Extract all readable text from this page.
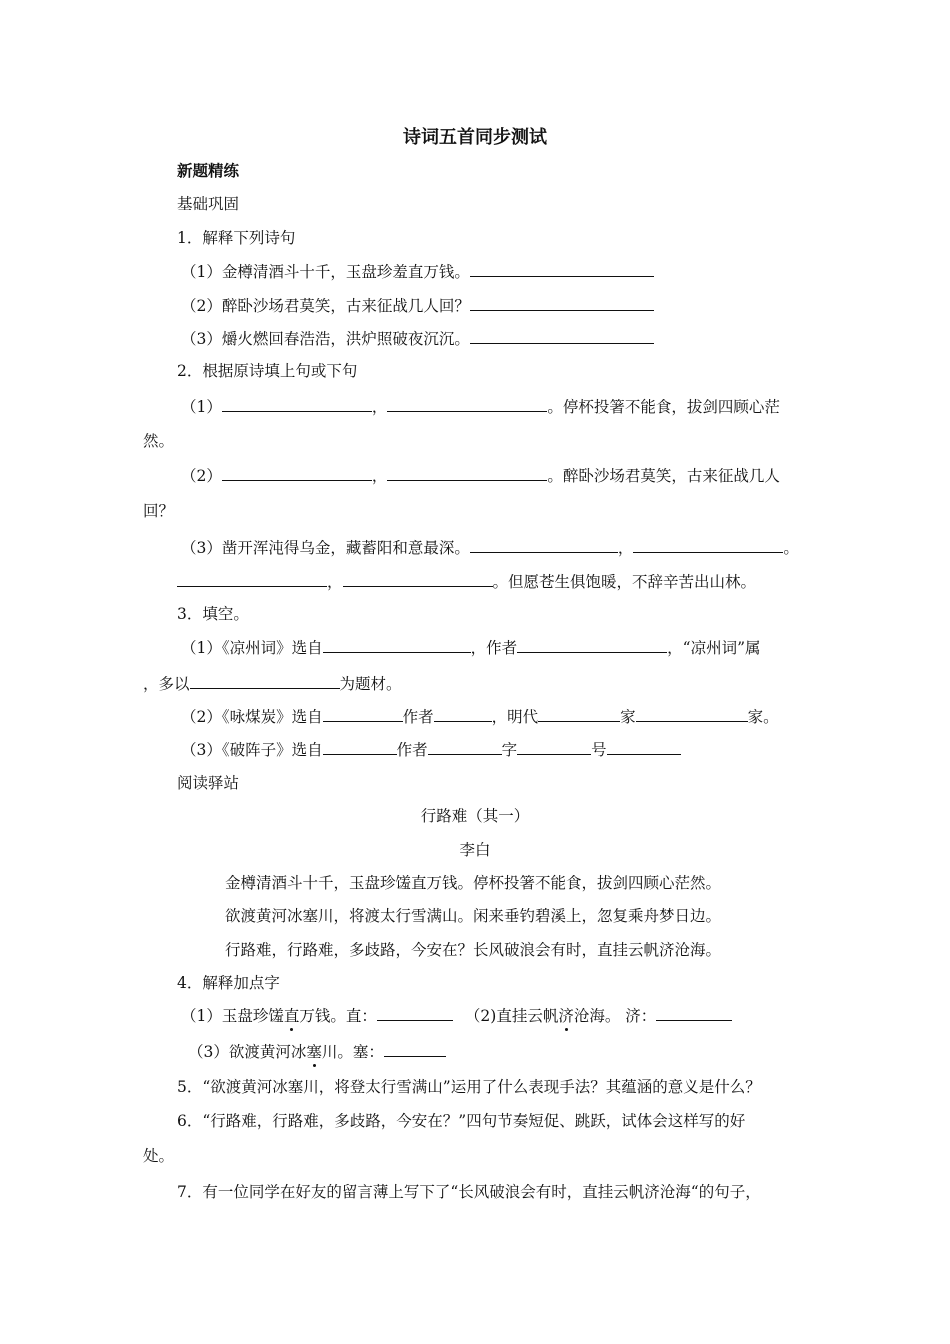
诗词五首同步测试
新题精练
基础巩固
1．解释下列诗句
（1）金樽清酒斗十千，玉盘珍羞直万钱。
（2）醉卧沙场君莫笑，古来征战几人回？
（3）爝火燃回春浩浩，洪炉照破夜沉沉。
2．根据原诗填上句或下句
（1）	，	。停杯投箸不能食，拔剑四顾心茫
然。
（2）	，	。醉卧沙场君莫笑，古来征战几人
回？
（3）凿开浑沌得乌金，藏蓄阳和意最深。	，	。
，	。但愿苍生俱饱暖，不辞辛苦出山林。
3．填空。
（1）《凉州词》选自	，作者	，“凉州词”属
，多以	为题材。
（2）《咏煤炭》选自	作者	，明代	家	家。
（3）《破阵子》选自	作者	字	号
阅读驿站
行路难（其一）
李白
金樽清酒斗十千，玉盘珍馐直万钱。停杯投箸不能食，拔剑四顾心茫然。
欲渡黄河冰塞川，将渡太行雪满山。闲来垂钓碧溪上，忽复乘舟梦日边。
行路难，行路难，多歧路，今安在？长风破浪会有时，直挂云帆济沧海。
4．解释加点字
（1）玉盘珍馐直万钱。直：	（2)直挂云帆济沧海。 济：
（3）欲渡黄河冰塞川。塞：
5．“欲渡黄河冰塞川，将登太行雪满山”运用了什么表现手法？其蕴涵的意义是什么？
6．“行路难，行路难，多歧路，今安在？”四句节奏短促、跳跃，试体会这样写的好
处。
7．有一位同学在好友的留言薄上写下了“长风破浪会有时，直挂云帆济沧海“的句子，
